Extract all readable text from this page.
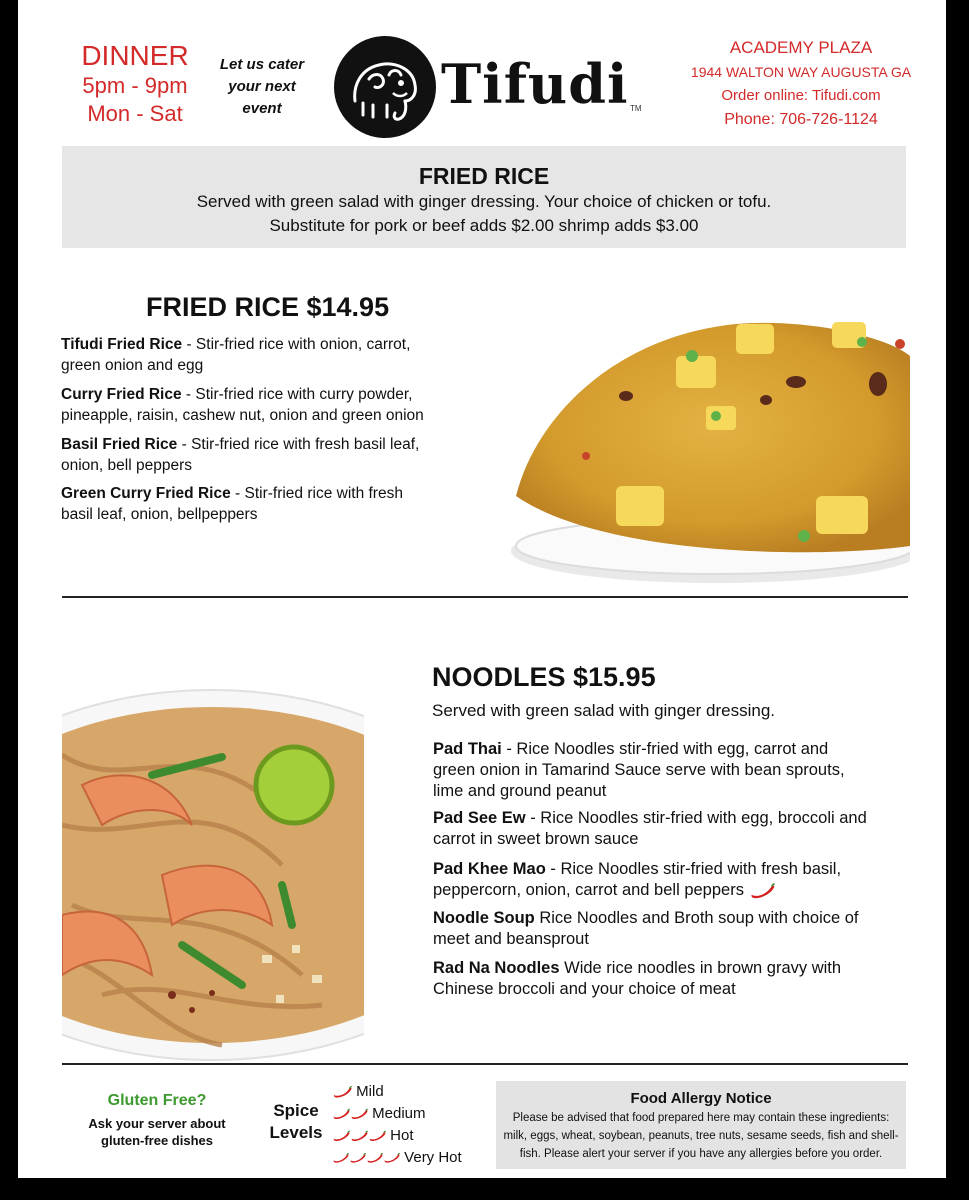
DINNER
5pm - 9pm
Mon - Sat
Let us cater
your next
event	Tifudi TM
ACADEMY PLAZA
1944 WALTON WAY AUGUSTA GA
Order online: Tifudi.com
Phone: 706-726-1124
FRIED RICE
Served with green salad with ginger dressing. Your choice of chicken or tofu.
Substitute for pork or beef adds $2.00 shrimp adds $3.00
FRIED RICE $14.95
Tifudi Fried Rice - Stir-fried rice with onion, carrot,
green onion and egg
Curry Fried Rice - Stir-fried rice with curry powder,
pineapple, raisin, cashew nut, onion and green onion
Basil Fried Rice - Stir-fried rice with fresh basil leaf,
onion, bell peppers
Green Curry Fried Rice - Stir-fried rice with fresh
basil leaf, onion, bellpeppers
NOODLES $15.95
Served with green salad with ginger dressing.
Pad Thai - Rice Noodles stir-fried with egg, carrot and
green onion in Tamarind Sauce serve with bean sprouts,
lime and ground peanut
Pad See Ew - Rice Noodles stir-fried with egg, broccoli and
carrot in sweet brown sauce
Pad Khee Mao - Rice Noodles stir-fried with fresh basil,
peppercorn, onion, carrot and bell peppers
Noodle Soup Rice Noodles and Broth soup with choice of
meet and beansprout
Rad Na Noodles Wide rice noodles in brown gravy with
Chinese broccoli and your choice of meat
Gluten Free?
Ask your server about
gluten-free dishes
Spice
Levels
Mild
Medium
Hot
Very Hot
Food Allergy Notice
Please be advised that food prepared here may contain these ingredients:
milk, eggs, wheat, soybean, peanuts, tree nuts, sesame seeds, fish and shell-
fish. Please alert your server if you have any allergies before you order.
